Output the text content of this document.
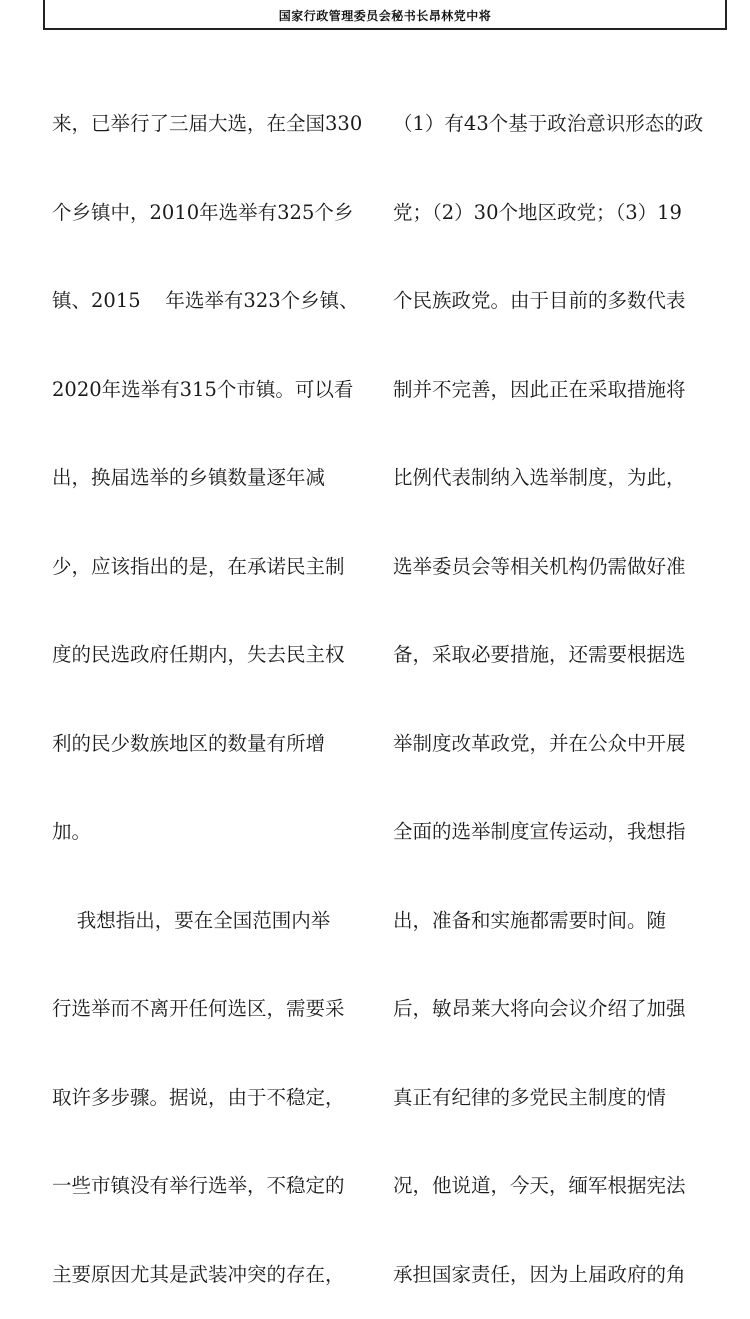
国家行政管理委员会秘书长昂林党中将

来，已举行了三届大选，在全国330

个乡镇中，2010年选举有325个乡

镇、2015    年选举有323个乡镇、

2020年选举有315个市镇。可以看

出，换届选举的乡镇数量逐年减

少，应该指出的是，在承诺民主制

度的民选政府任期内，失去民主权

利的民少数族地区的数量有所增

加。

我想指出，要在全国范围内举

行选举而不离开任何选区，需要采

取许多步骤。据说，由于不稳定，

一些市镇没有举行选举，不稳定的

主要原因尤其是武装冲突的存在，

（1）有43个基于政治意识形态的政

党；（2）30个地区政党；（3）19

个民族政党。由于目前的多数代表

制并不完善，因此正在采取措施将

比例代表制纳入选举制度，为此，

选举委员会等相关机构仍需做好准

备，采取必要措施，还需要根据选

举制度改革政党，并在公众中开展

全面的选举制度宣传运动，我想指

出，准备和实施都需要时间。随

后，敏昂莱大将向会议介绍了加强

真正有纪律的多党民主制度的情

况，他说道，今天，缅军根据宪法

承担国家责任，因为上届政府的角
